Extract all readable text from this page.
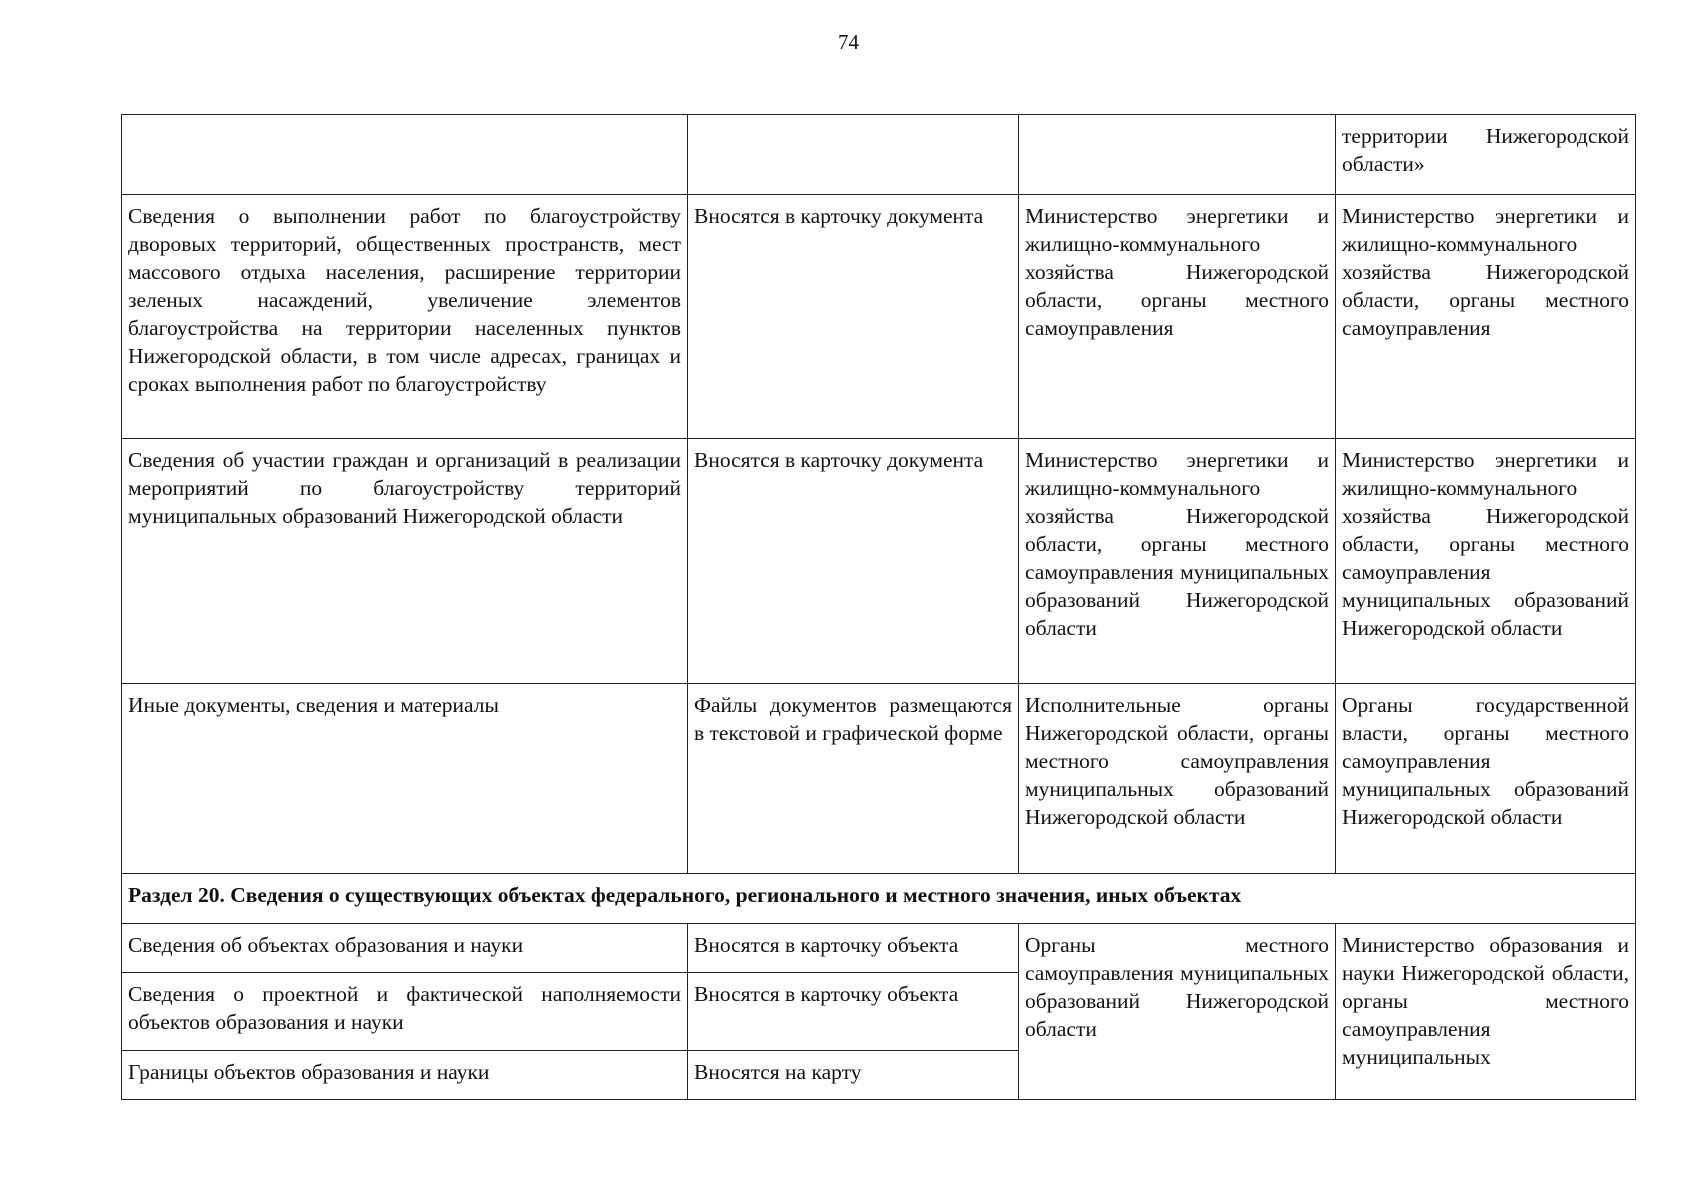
74
			территории Нижегородской области»
Сведения о выполнении работ по благоустройству дворовых территорий, общественных пространств, мест массового отдыха населения, расширение территории зеленых насаждений, увеличение элементов благоустройства на территории населенных пунктов Нижегородской области, в том числе адресах, границах и сроках выполнения работ по благоустройству	Вносятся в карточку документа	Министерство энергетики и жилищно-коммунального хозяйства Нижегородской области, органы местного самоуправления	Министерство энергетики и жилищно-коммунального хозяйства Нижегородской области, органы местного самоуправления
Сведения об участии граждан и организаций в реализации мероприятий по благоустройству территорий муниципальных образований Нижегородской области	Вносятся в карточку документа	Министерство энергетики и жилищно-коммунального хозяйства Нижегородской области, органы местного самоуправления муниципальных образований Нижегородской области	Министерство энергетики и жилищно-коммунального хозяйства Нижегородской области, органы местного самоуправления муниципальных образований Нижегородской области
Иные документы, сведения и материалы	Файлы документов размещаются в текстовой и графической форме	Исполнительные органы Нижегородской области, органы местного самоуправления муниципальных образований Нижегородской области	Органы государственной власти, органы местного самоуправления муниципальных образований Нижегородской области
Раздел 20. Сведения о существующих объектах федерального, регионального и местного значения, иных объектах			
Сведения об объектах образования и науки	Вносятся в карточку объекта	Органы местного самоуправления муниципальных образований Нижегородской области	Министерство образования и науки Нижегородской области, органы местного самоуправления муниципальных
Сведения о проектной и фактической наполняемости объектов образования и науки	Вносятся в карточку объекта		
Границы объектов образования и науки	Вносятся на карту		
